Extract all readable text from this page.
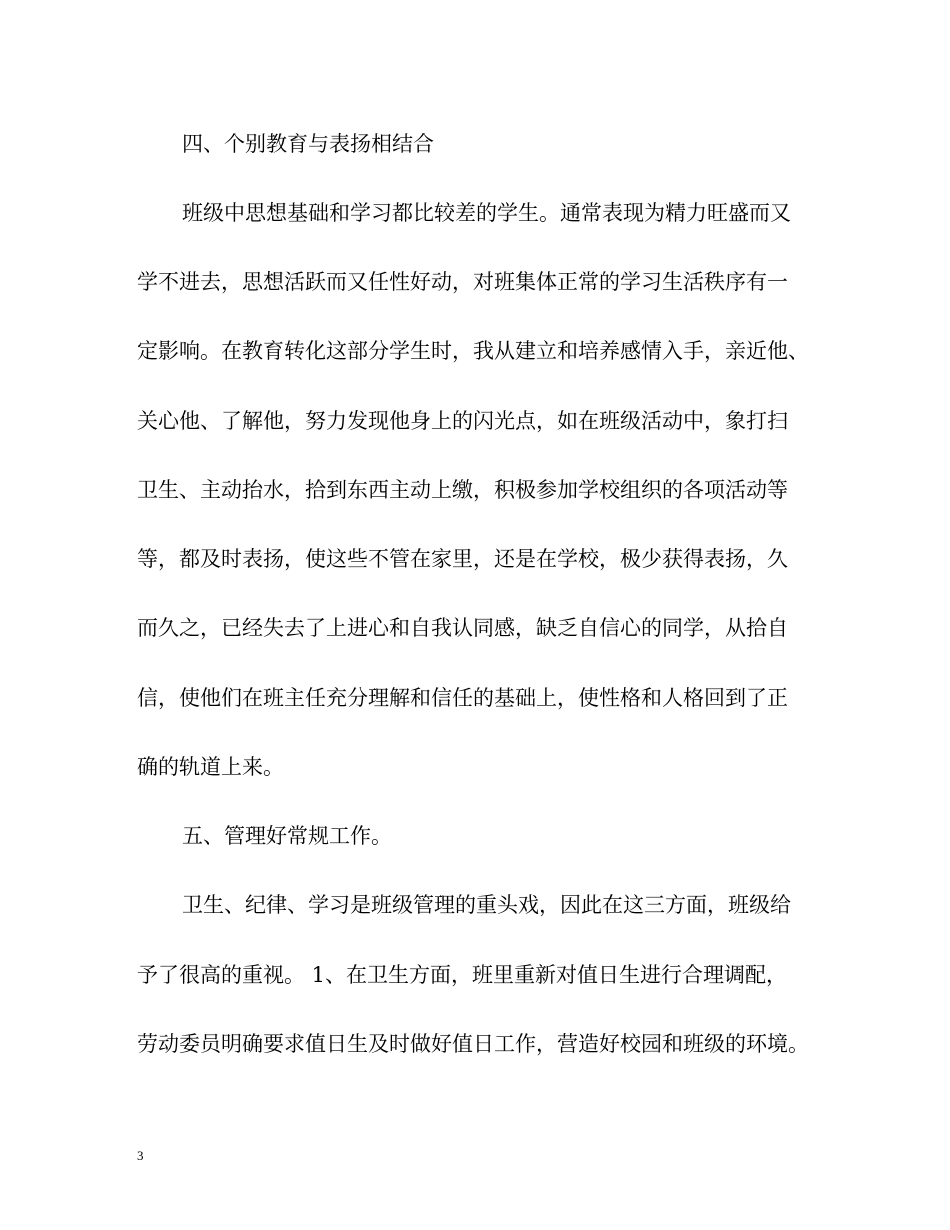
四、个别教育与表扬相结合
班级中思想基础和学习都比较差的学生。通常表现为精力旺盛而又
学不进去，思想活跃而又任性好动，对班集体正常的学习生活秩序有一
定影响。在教育转化这部分学生时，我从建立和培养感情入手，亲近他、
关心他、了解他，努力发现他身上的闪光点，如在班级活动中，象打扫
卫生、主动抬水，拾到东西主动上缴，积极参加学校组织的各项活动等
等，都及时表扬，使这些不管在家里，还是在学校，极少获得表扬，久
而久之，已经失去了上进心和自我认同感，缺乏自信心的同学，从拾自
信，使他们在班主任充分理解和信任的基础上，使性格和人格回到了正
确的轨道上来。
五、管理好常规工作。
卫生、纪律、学习是班级管理的重头戏，因此在这三方面，班级给
予了很高的重视。 1、在卫生方面，班里重新对值日生进行合理调配，
劳动委员明确要求值日生及时做好值日工作，营造好校园和班级的环境。
3
